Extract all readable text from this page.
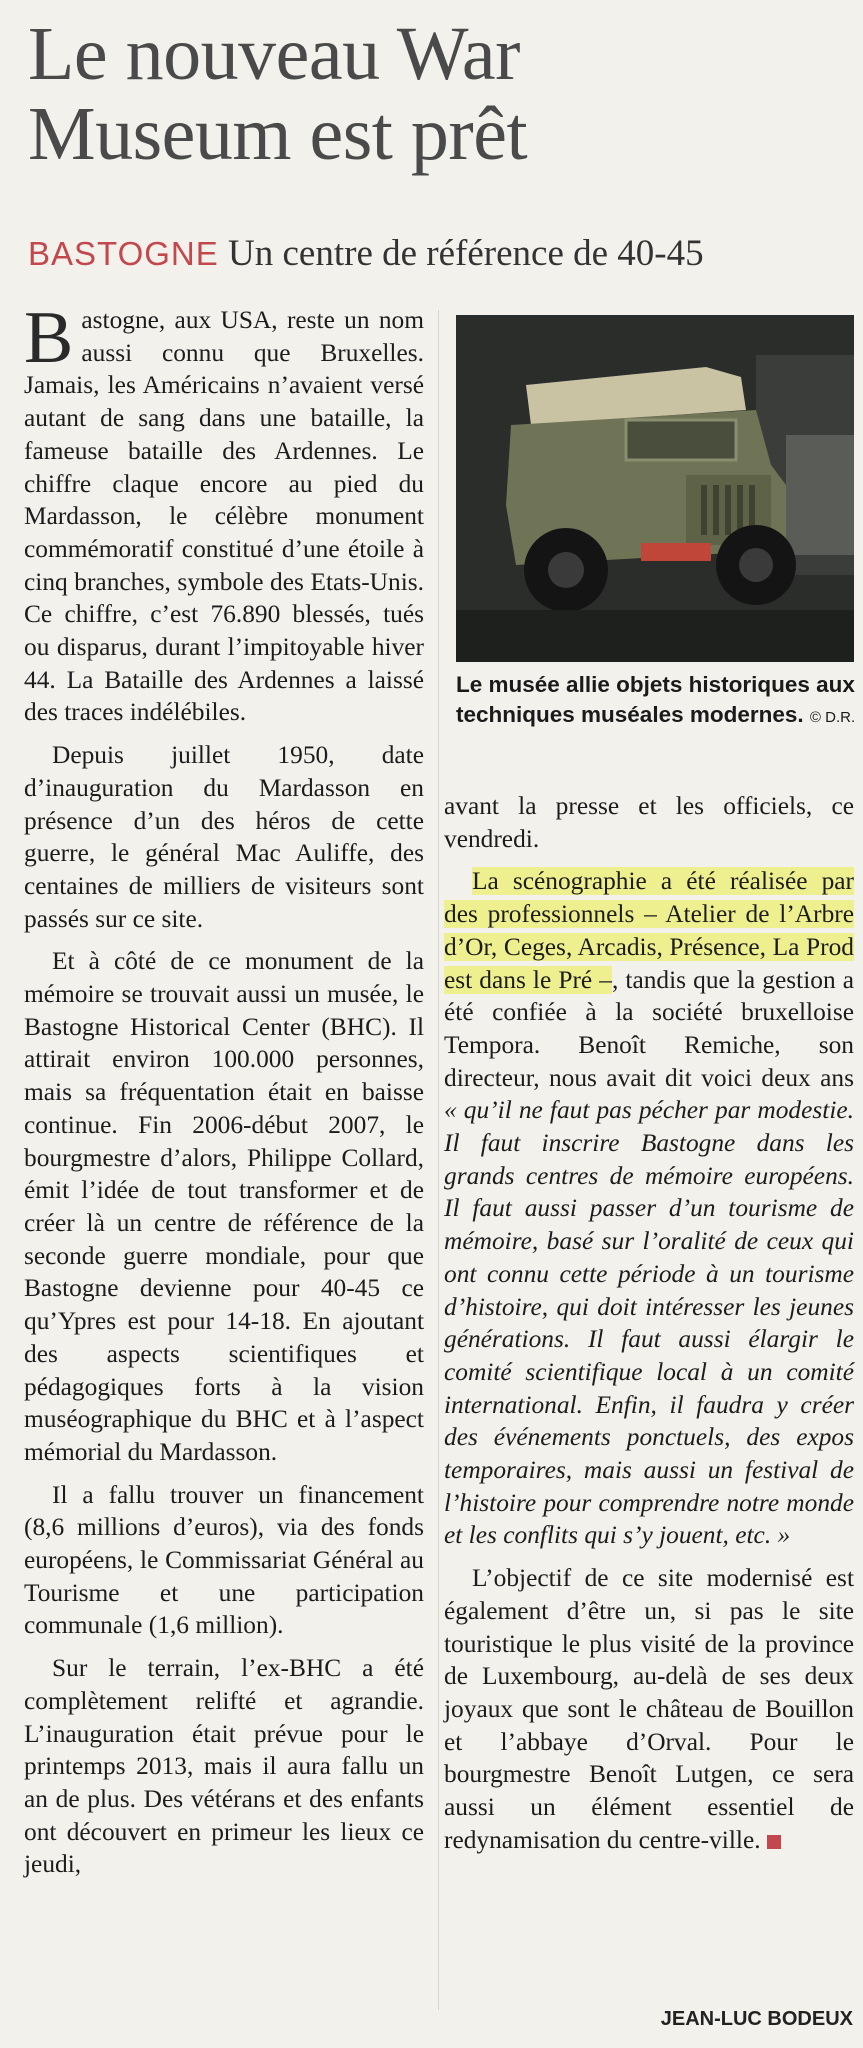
Le nouveau War
Museum est prêt
BASTOGNE Un centre de référence de 40-45

Bastogne, aux USA, reste un nom aussi connu que Bruxelles. Jamais, les Américains n’avaient versé autant de sang dans une bataille, la fameuse bataille des Ardennes. Le chiffre claque encore au pied du Mardasson, le célèbre monument commémoratif constitué d’une étoile à cinq branches, symbole des Etats-Unis. Ce chiffre, c’est 76.890 blessés, tués ou disparus, durant l’impitoyable hiver 44. La Bataille des Ardennes a laissé des traces indélébiles.

Depuis juillet 1950, date d’inauguration du Mardasson en présence d’un des héros de cette guerre, le général Mac Auliffe, des centaines de milliers de visiteurs sont passés sur ce site.

Et à côté de ce monument de la mémoire se trouvait aussi un musée, le Bastogne Historical Center (BHC). Il attirait environ 100.000 personnes, mais sa fréquentation était en baisse continue. Fin 2006-début 2007, le bourgmestre d’alors, Philippe Collard, émit l’idée de tout transformer et de créer là un centre de référence de la seconde guerre mondiale, pour que Bastogne devienne pour 40-45 ce qu’Ypres est pour 14-18. En ajoutant des aspects scientifiques et pédagogiques forts à la vision muséographique du BHC et à l’aspect mémorial du Mardasson.

Il a fallu trouver un financement (8,6 millions d’euros), via des fonds européens, le Commissariat Général au Tourisme et une participation communale (1,6 million).

Sur le terrain, l’ex-BHC a été complètement relifté et agrandie. L’inauguration était prévue pour le printemps 2013, mais il aura fallu un an de plus. Des vétérans et des enfants ont découvert en primeur les lieux ce jeudi,

Le musée allie objets historiques aux techniques muséales modernes. © D.R.

avant la presse et les officiels, ce vendredi.

La scénographie a été réalisée par des professionnels – Atelier de l’Arbre d’Or, Ceges, Arcadis, Présence, La Prod est dans le Pré –, tandis que la gestion a été confiée à la société bruxelloise Tempora. Benoît Remiche, son directeur, nous avait dit voici deux ans « qu’il ne faut pas pécher par modestie. Il faut inscrire Bastogne dans les grands centres de mémoire européens. Il faut aussi passer d’un tourisme de mémoire, basé sur l’oralité de ceux qui ont connu cette période à un tourisme d’histoire, qui doit intéresser les jeunes générations. Il faut aussi élargir le comité scientifique local à un comité international. Enfin, il faudra y créer des événements ponctuels, des expos temporaires, mais aussi un festival de l’histoire pour comprendre notre monde et les conflits qui s’y jouent, etc. »

L’objectif de ce site modernisé est également d’être un, si pas le site touristique le plus visité de la province de Luxembourg, au-delà de ses deux joyaux que sont le château de Bouillon et l’abbaye d’Orval. Pour le bourgmestre Benoît Lutgen, ce sera aussi un élément essentiel de redynamisation du centre-ville.

JEAN-LUC BODEUX
